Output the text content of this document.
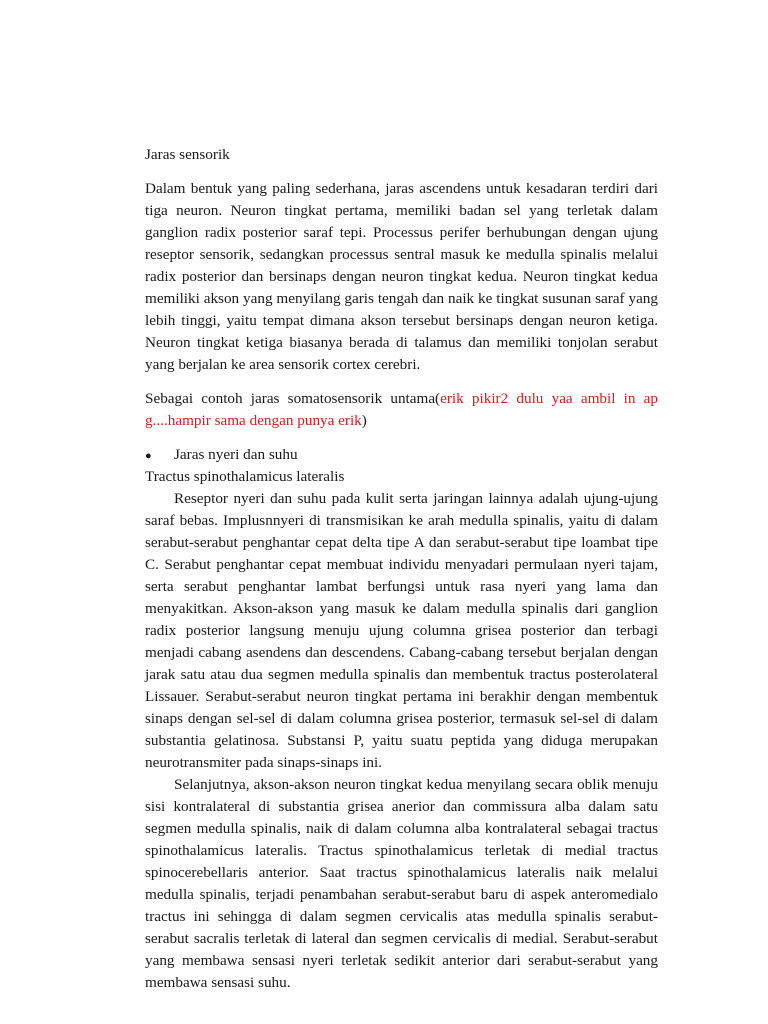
Jaras sensorik

Dalam bentuk yang paling sederhana, jaras ascendens untuk kesadaran terdiri dari tiga neuron. Neuron tingkat pertama, memiliki badan sel yang terletak dalam ganglion radix posterior saraf tepi. Processus perifer berhubungan dengan ujung reseptor sensorik, sedangkan processus sentral masuk ke medulla spinalis melalui radix posterior dan bersinaps dengan neuron tingkat kedua. Neuron tingkat kedua memiliki akson yang menyilang garis tengah dan naik ke tingkat susunan saraf yang lebih tinggi, yaitu tempat dimana akson tersebut bersinaps dengan neuron ketiga. Neuron tingkat ketiga biasanya berada di talamus dan memiliki tonjolan serabut yang berjalan ke area sensorik cortex cerebri.

Sebagai contoh jaras somatosensorik untama(erik pikir2 dulu yaa ambil in ap g....hampir sama dengan punya erik)

●	Jaras nyeri dan suhu

Tractus spinothalamicus lateralis

Reseptor nyeri dan suhu pada kulit serta jaringan lainnya adalah ujung-ujung saraf bebas. Implusnnyeri di transmisikan ke arah medulla spinalis, yaitu di dalam serabut-serabut penghantar cepat delta tipe A dan serabut-serabut tipe loambat tipe C. Serabut penghantar cepat membuat individu menyadari permulaan nyeri tajam, serta serabut penghantar lambat berfungsi untuk rasa nyeri yang lama dan menyakitkan. Akson-akson yang masuk ke dalam medulla spinalis dari ganglion radix posterior langsung menuju ujung columna grisea posterior dan terbagi menjadi cabang asendens dan descendens. Cabang-cabang tersebut berjalan dengan jarak satu atau dua segmen medulla spinalis dan membentuk tractus posterolateral Lissauer. Serabut-serabut neuron tingkat pertama ini berakhir dengan membentuk sinaps dengan sel-sel di dalam columna grisea posterior, termasuk sel-sel di dalam substantia gelatinosa. Substansi P, yaitu suatu peptida yang diduga merupakan neurotransmiter pada sinaps-sinaps ini.

Selanjutnya, akson-akson neuron tingkat kedua menyilang secara oblik menuju sisi kontralateral di substantia grisea anerior dan commissura alba dalam satu segmen medulla spinalis, naik di dalam columna alba kontralateral sebagai tractus spinothalamicus lateralis. Tractus spinothalamicus terletak di medial tractus spinocerebellaris anterior. Saat tractus spinothalamicus lateralis naik melalui medulla spinalis, terjadi penambahan serabut-serabut baru di aspek anteromedialo tractus ini sehingga di dalam segmen cervicalis atas medulla spinalis serabut-serabut sacralis terletak di lateral dan segmen cervicalis di medial. Serabut-serabut yang membawa sensasi nyeri terletak sedikit anterior dari serabut-serabut yang membawa sensasi suhu.
